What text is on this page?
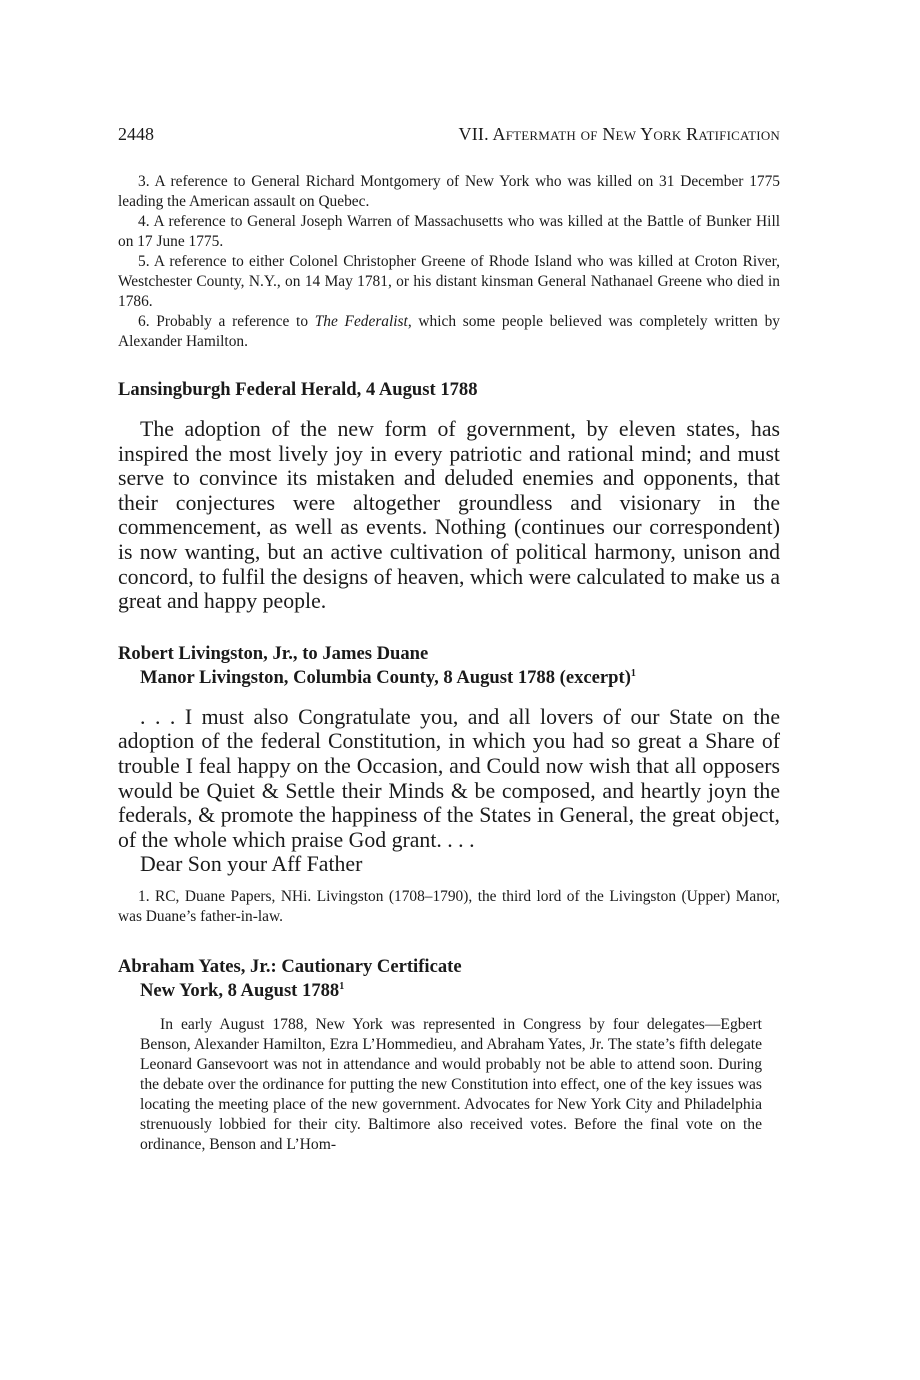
2448	VII. Aftermath of New York Ratification

3. A reference to General Richard Montgomery of New York who was killed on 31 December 1775 leading the American assault on Quebec.

4. A reference to General Joseph Warren of Massachusetts who was killed at the Battle of Bunker Hill on 17 June 1775.

5. A reference to either Colonel Christopher Greene of Rhode Island who was killed at Croton River, Westchester County, N.Y., on 14 May 1781, or his distant kinsman General Nathanael Greene who died in 1786.

6. Probably a reference to The Federalist, which some people believed was completely written by Alexander Hamilton.

Lansingburgh Federal Herald, 4 August 1788

The adoption of the new form of government, by eleven states, has inspired the most lively joy in every patriotic and rational mind; and must serve to convince its mistaken and deluded enemies and opponents, that their conjectures were altogether groundless and visionary in the commencement, as well as events. Nothing (continues our correspondent) is now wanting, but an active cultivation of political harmony, unison and concord, to fulfil the designs of heaven, which were calculated to make us a great and happy people.

Robert Livingston, Jr., to James Duane
Manor Livingston, Columbia County, 8 August 1788 (excerpt)$^1$

. . . I must also Congratulate you, and all lovers of our State on the adoption of the federal Constitution, in which you had so great a Share of trouble I feal happy on the Occasion, and Could now wish that all opposers would be Quiet & Settle their Minds & be composed, and heartly joyn the federals, & promote the happiness of the States in General, the great object, of the whole which praise God grant. . . .

Dear Son your Aff Father

1. RC, Duane Papers, NHi. Livingston (1708–1790), the third lord of the Livingston (Upper) Manor, was Duane’s father-in-law.

Abraham Yates, Jr.: Cautionary Certificate
New York, 8 August 1788$^1$

In early August 1788, New York was represented in Congress by four delegates—Egbert Benson, Alexander Hamilton, Ezra L’Hommedieu, and Abraham Yates, Jr. The state’s fifth delegate Leonard Gansevoort was not in attendance and would probably not be able to attend soon. During the debate over the ordinance for putting the new Constitution into effect, one of the key issues was locating the meeting place of the new government. Advocates for New York City and Philadelphia strenuously lobbied for their city. Baltimore also received votes. Before the final vote on the ordinance, Benson and L’Hom-
